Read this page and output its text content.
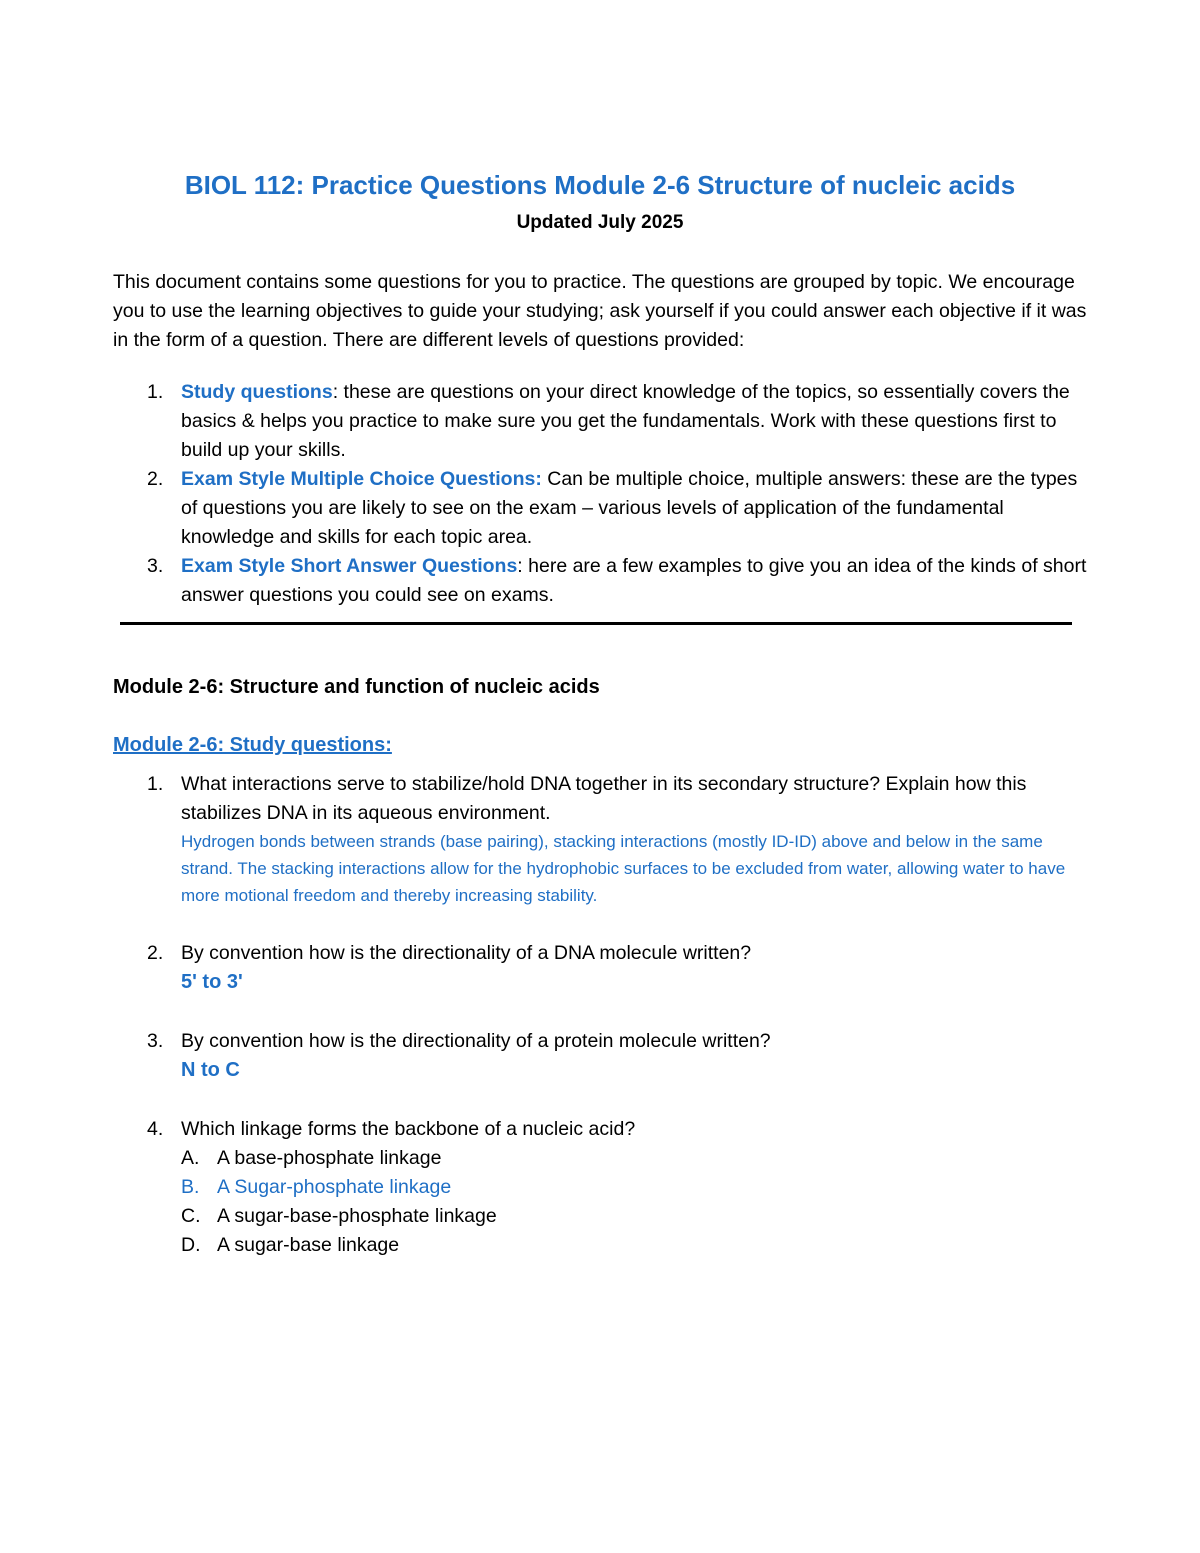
BIOL 112: Practice Questions Module 2-6 Structure of nucleic acids

Updated July 2025

This document contains some questions for you to practice. The questions are grouped by topic. We encourage you to use the learning objectives to guide your studying; ask yourself if you could answer each objective if it was in the form of a question. There are different levels of questions provided:

1. Study questions: these are questions on your direct knowledge of the topics, so essentially covers the basics & helps you practice to make sure you get the fundamentals. Work with these questions first to build up your skills.
2. Exam Style Multiple Choice Questions: Can be multiple choice, multiple answers: these are the types of questions you are likely to see on the exam – various levels of application of the fundamental knowledge and skills for each topic area.
3. Exam Style Short Answer Questions: here are a few examples to give you an idea of the kinds of short answer questions you could see on exams.
Module 2-6: Structure and function of nucleic acids
Module 2-6: Study questions:
1. What interactions serve to stabilize/hold DNA together in its secondary structure? Explain how this stabilizes DNA in its aqueous environment.
Hydrogen bonds between strands (base pairing), stacking interactions (mostly ID-ID) above and below in the same strand. The stacking interactions allow for the hydrophobic surfaces to be excluded from water, allowing water to have more motional freedom and thereby increasing stability.
2. By convention how is the directionality of a DNA molecule written?
5' to 3'
3. By convention how is the directionality of a protein molecule written?
N to C
4. Which linkage forms the backbone of a nucleic acid?
A. A base-phosphate linkage
B. A Sugar-phosphate linkage
C. A sugar-base-phosphate linkage
D. A sugar-base linkage
